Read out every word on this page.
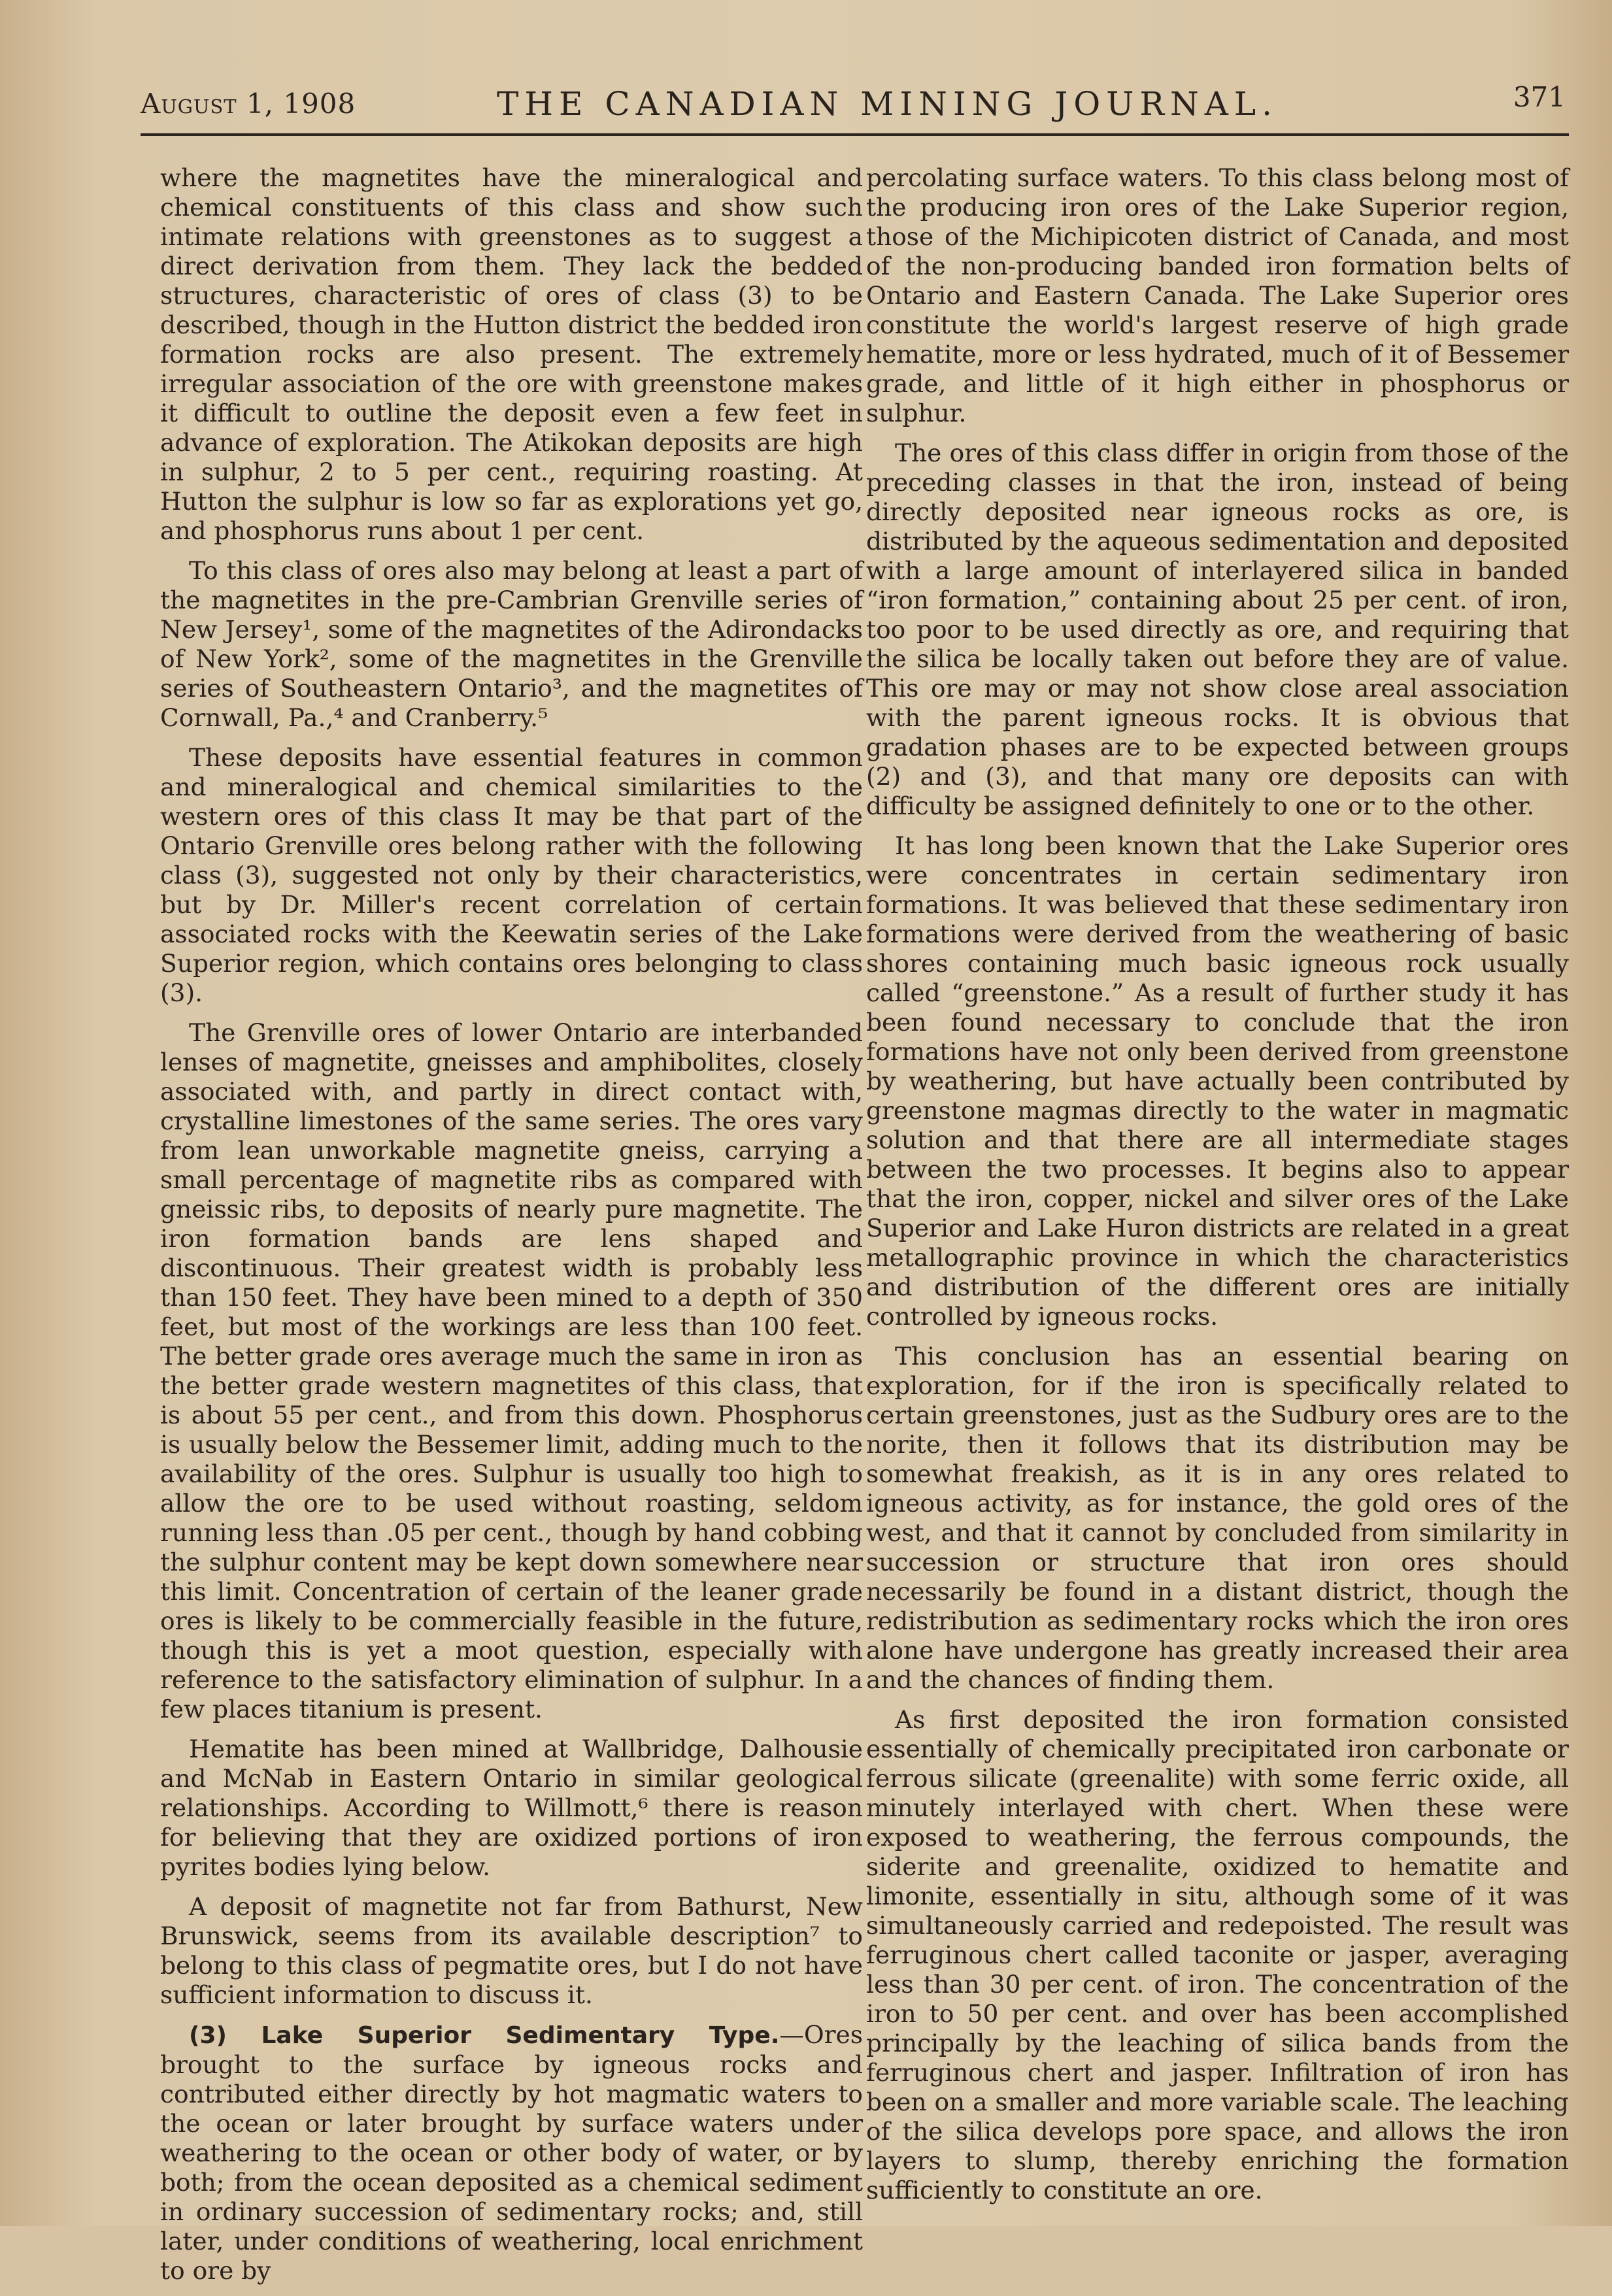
August 1, 1908	THE CANADIAN MINING JOURNAL.	371

where the magnetites have the mineralogical and chemical constituents of this class and show such intimate relations with greenstones as to suggest a direct derivation from them. They lack the bedded structures, characteristic of ores of class (3) to be described, though in the Hutton district the bedded iron formation rocks are also present. The extremely irregular association of the ore with greenstone makes it difficult to outline the deposit even a few feet in advance of exploration. The Atikokan deposits are high in sulphur, 2 to 5 per cent., requiring roasting. At Hutton the sulphur is low so far as explorations yet go, and phosphorus runs about 1 per cent.

To this class of ores also may belong at least a part of the magnetites in the pre-Cambrian Grenville series of New Jersey¹, some of the magnetites of the Adirondacks of New York², some of the magnetites in the Grenville series of Southeastern Ontario³, and the magnetites of Cornwall, Pa.,⁴ and Cranberry.⁵

These deposits have essential features in common and mineralogical and chemical similarities to the western ores of this class It may be that part of the Ontario Grenville ores belong rather with the following class (3), suggested not only by their characteristics, but by Dr. Miller's recent correlation of certain associated rocks with the Keewatin series of the Lake Superior region, which contains ores belonging to class (3).

The Grenville ores of lower Ontario are interbanded lenses of magnetite, gneisses and amphibolites, closely associated with, and partly in direct contact with, crystalline limestones of the same series. The ores vary from lean unworkable magnetite gneiss, carrying a small percentage of magnetite ribs as compared with gneissic ribs, to deposits of nearly pure magnetite. The iron formation bands are lens shaped and discontinuous. Their greatest width is probably less than 150 feet. They have been mined to a depth of 350 feet, but most of the workings are less than 100 feet. The better grade ores average much the same in iron as the better grade western magnetites of this class, that is about 55 per cent., and from this down. Phosphorus is usually below the Bessemer limit, adding much to the availability of the ores. Sulphur is usually too high to allow the ore to be used without roasting, seldom running less than .05 per cent., though by hand cobbing the sulphur content may be kept down somewhere near this limit. Concentration of certain of the leaner grade ores is likely to be commercially feasible in the future, though this is yet a moot question, especially with reference to the satisfactory elimination of sulphur. In a few places titanium is present.

Hematite has been mined at Wallbridge, Dalhousie and McNab in Eastern Ontario in similar geological relationships. According to Willmott,⁶ there is reason for believing that they are oxidized portions of iron pyrites bodies lying below.

A deposit of magnetite not far from Bathurst, New Brunswick, seems from its available description⁷ to belong to this class of pegmatite ores, but I do not have sufficient information to discuss it.

(3) Lake Superior Sedimentary Type.—Ores brought to the surface by igneous rocks and contributed either directly by hot magmatic waters to the ocean or later brought by surface waters under weathering to the ocean or other body of water, or by both; from the ocean deposited as a chemical sediment in ordinary succession of sedimentary rocks; and, still later, under conditions of weathering, local enrichment to ore by

percolating surface waters. To this class belong most of the producing iron ores of the Lake Superior region, those of the Michipicoten district of Canada, and most of the non-producing banded iron formation belts of Ontario and Eastern Canada. The Lake Superior ores constitute the world's largest reserve of high grade hematite, more or less hydrated, much of it of Bessemer grade, and little of it high either in phosphorus or sulphur.

The ores of this class differ in origin from those of the preceding classes in that the iron, instead of being directly deposited near igneous rocks as ore, is distributed by the aqueous sedimentation and deposited with a large amount of interlayered silica in banded “iron formation,” containing about 25 per cent. of iron, too poor to be used directly as ore, and requiring that the silica be locally taken out before they are of value. This ore may or may not show close areal association with the parent igneous rocks. It is obvious that gradation phases are to be expected between groups (2) and (3), and that many ore deposits can with difficulty be assigned definitely to one or to the other.

It has long been known that the Lake Superior ores were concentrates in certain sedimentary iron formations. It was believed that these sedimentary iron formations were derived from the weathering of basic shores containing much basic igneous rock usually called “greenstone.” As a result of further study it has been found necessary to conclude that the iron formations have not only been derived from greenstone by weathering, but have actually been contributed by greenstone magmas directly to the water in magmatic solution and that there are all intermediate stages between the two processes. It begins also to appear that the iron, copper, nickel and silver ores of the Lake Superior and Lake Huron districts are related in a great metallographic province in which the characteristics and distribution of the different ores are initially controlled by igneous rocks.

This conclusion has an essential bearing on exploration, for if the iron is specifically related to certain greenstones, just as the Sudbury ores are to the norite, then it follows that its distribution may be somewhat freakish, as it is in any ores related to igneous activity, as for instance, the gold ores of the west, and that it cannot by concluded from similarity in succession or structure that iron ores should necessarily be found in a distant district, though the redistribution as sedimentary rocks which the iron ores alone have undergone has greatly increased their area and the chances of finding them.

As first deposited the iron formation consisted essentially of chemically precipitated iron carbonate or ferrous silicate (greenalite) with some ferric oxide, all minutely interlayed with chert. When these were exposed to weathering, the ferrous compounds, the siderite and greenalite, oxidized to hematite and limonite, essentially in situ, although some of it was simultaneously carried and redepoisted. The result was ferruginous chert called taconite or jasper, averaging less than 30 per cent. of iron. The concentration of the iron to 50 per cent. and over has been accomplished principally by the leaching of silica bands from the ferruginous chert and jasper. Infiltration of iron has been on a smaller and more variable scale. The leaching of the silica develops pore space, and allows the iron layers to slump, thereby enriching the formation sufficiently to constitute an ore.
